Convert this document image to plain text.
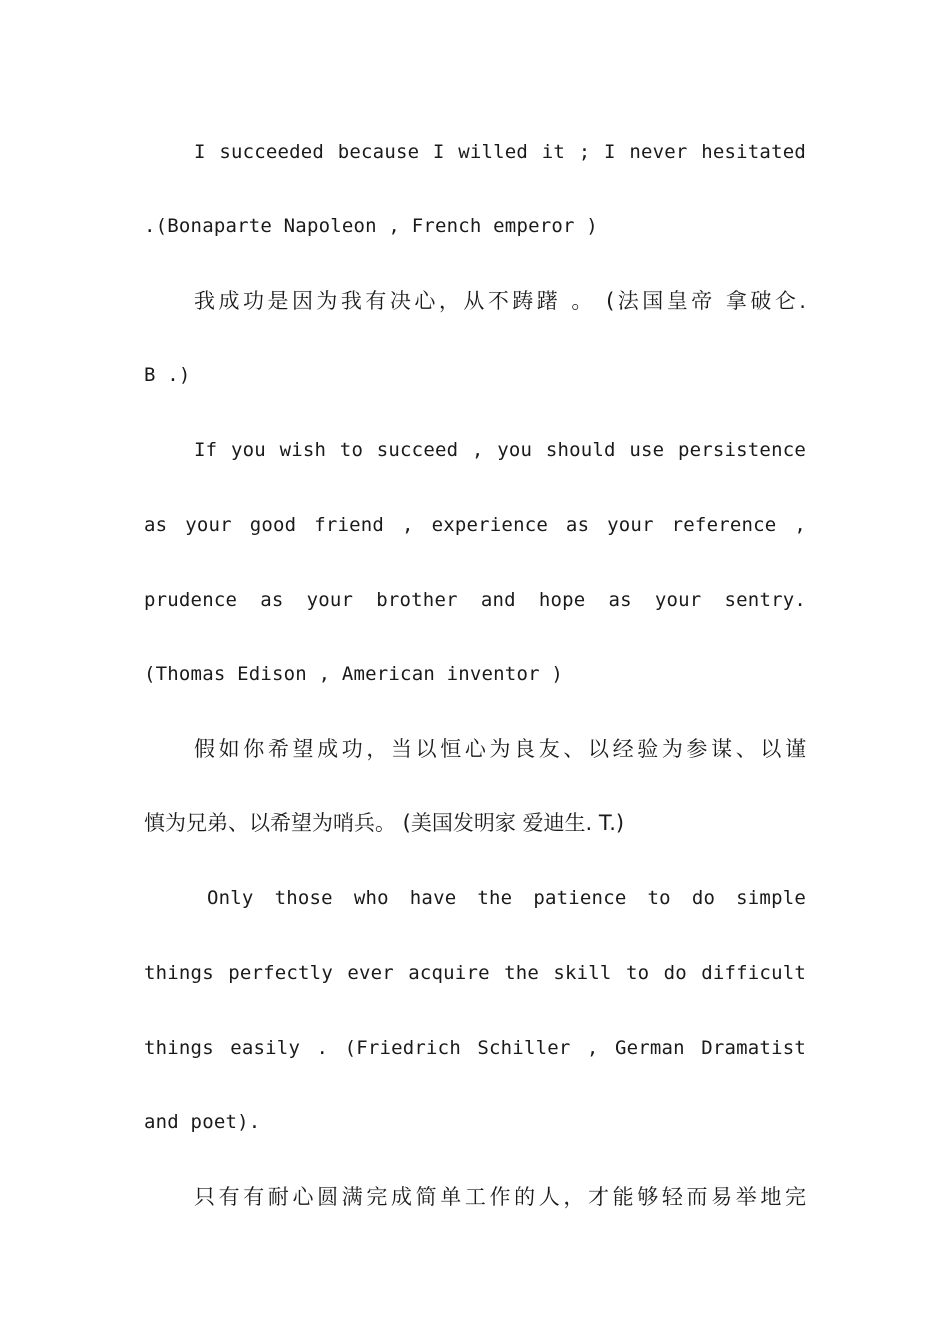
I succeeded because I willed it ; I never hesitated
.(Bonaparte Napoleon , French emperor )
我成功是因为我有决心，从不踌躇 。 (法国皇帝 拿破仑.
B .)
If you wish to succeed , you should use persistence
as your good friend , experience as your reference ,
prudence as your brother and hope as your sentry.
(Thomas Edison , American inventor )
假如你希望成功，当以恒心为良友、以经验为参谋、以谨
慎为兄弟、以希望为哨兵。 (美国发明家 爱迪生. T.)
Only those who have the patience to do simple
things perfectly ever acquire the skill to do difficult
things easily . (Friedrich Schiller , German Dramatist
and poet).
只有有耐心圆满完成简单工作的人，才能够轻而易举地完
